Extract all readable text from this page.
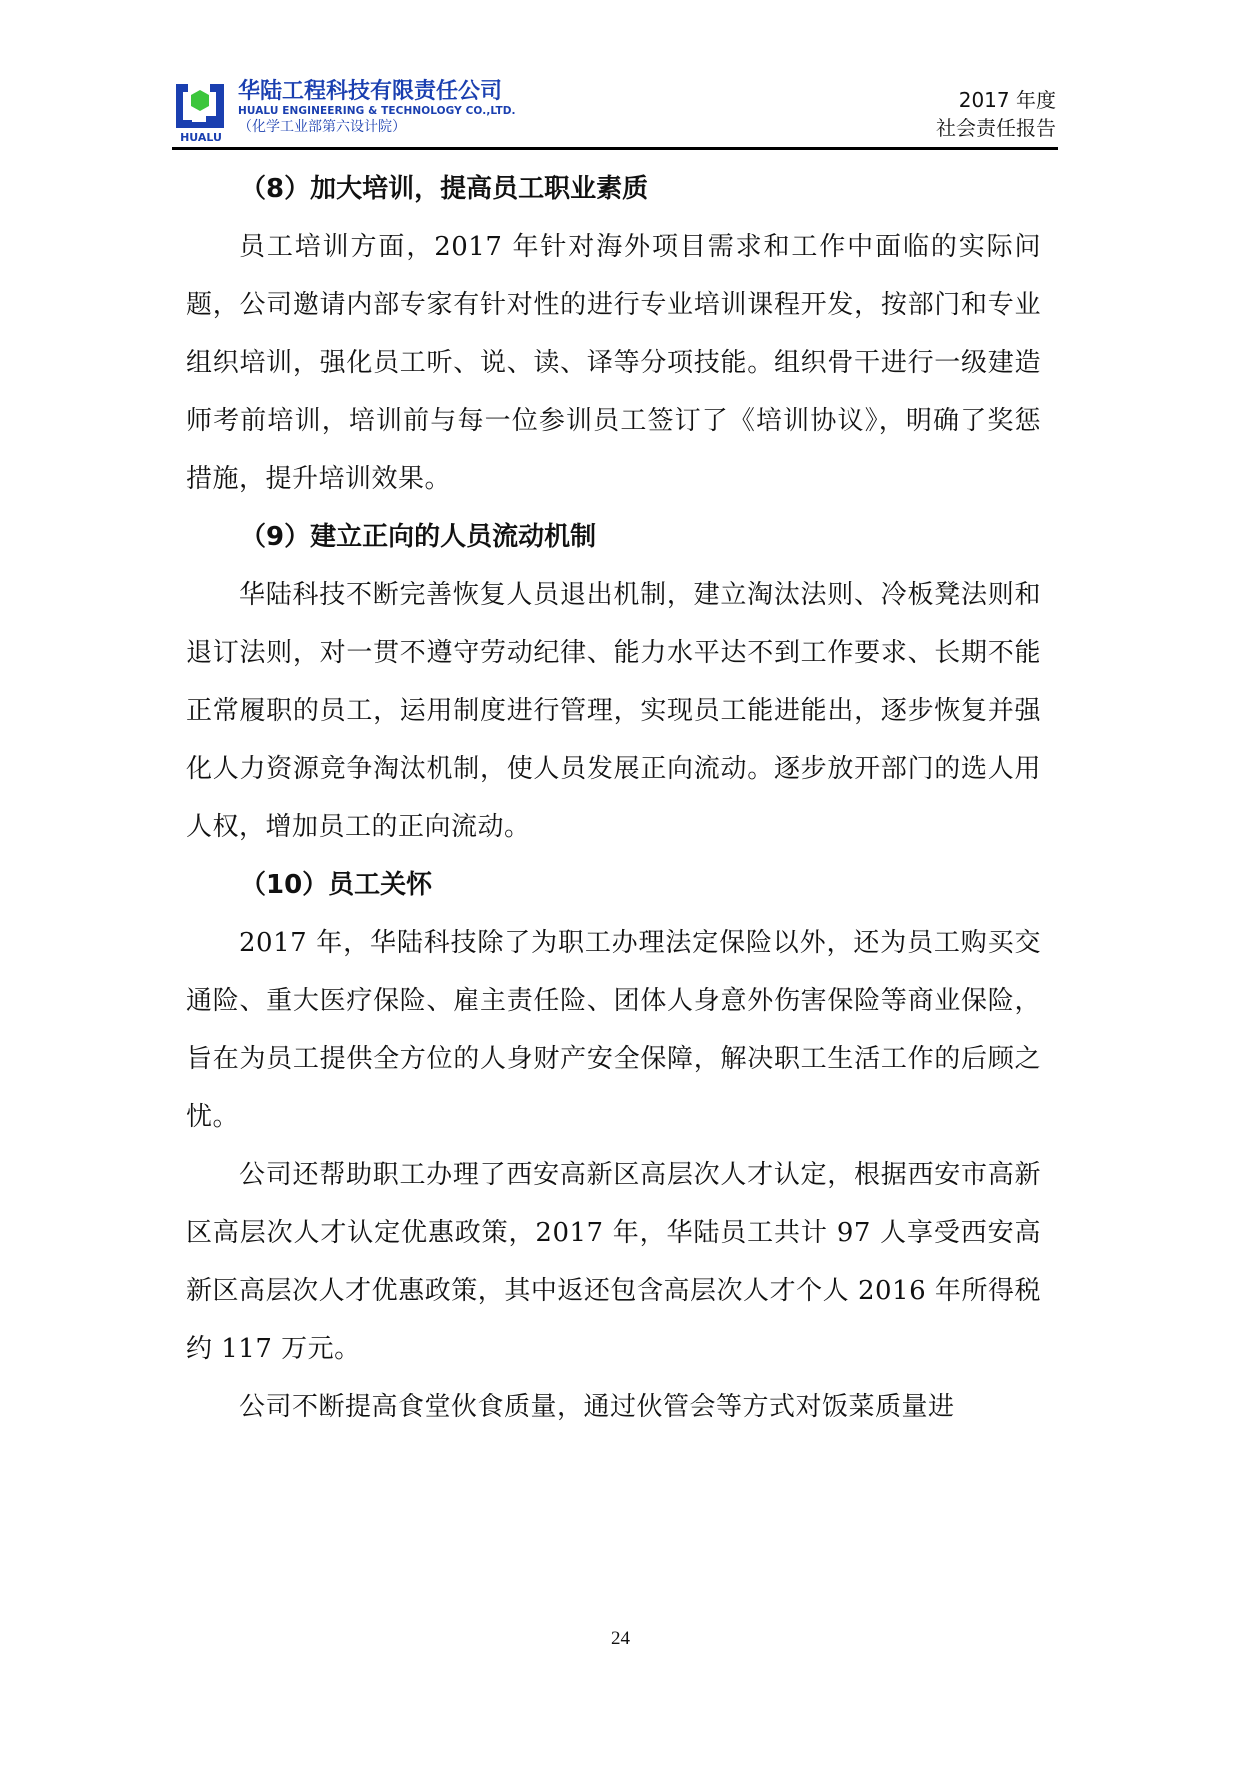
HUALU
华陆工程科技有限责任公司
HUALU ENGINEERING & TECHNOLOGY CO.,LTD.
（化学工业部第六设计院）
2017 年度
社会责任报告
（8）加大培训，提高员工职业素质

员工培训方面，2017 年针对海外项目需求和工作中面临的实际问题，公司邀请内部专家有针对性的进行专业培训课程开发，按部门和专业组织培训，强化员工听、说、读、译等分项技能。组织骨干进行一级建造师考前培训，培训前与每一位参训员工签订了《培训协议》，明确了奖惩措施，提升培训效果。

（9）建立正向的人员流动机制

华陆科技不断完善恢复人员退出机制，建立淘汰法则、冷板凳法则和退订法则，对一贯不遵守劳动纪律、能力水平达不到工作要求、长期不能正常履职的员工，运用制度进行管理，实现员工能进能出，逐步恢复并强化人力资源竞争淘汰机制，使人员发展正向流动。逐步放开部门的选人用人权，增加员工的正向流动。

（10）员工关怀

2017 年，华陆科技除了为职工办理法定保险以外，还为员工购买交通险、重大医疗保险、雇主责任险、团体人身意外伤害保险等商业保险，旨在为员工提供全方位的人身财产安全保障，解决职工生活工作的后顾之忧。

公司还帮助职工办理了西安高新区高层次人才认定，根据西安市高新区高层次人才认定优惠政策，2017 年，华陆员工共计 97 人享受西安高新区高层次人才优惠政策，其中返还包含高层次人才个人 2016 年所得税约 117 万元。

公司不断提高食堂伙食质量，通过伙管会等方式对饭菜质量进

24
